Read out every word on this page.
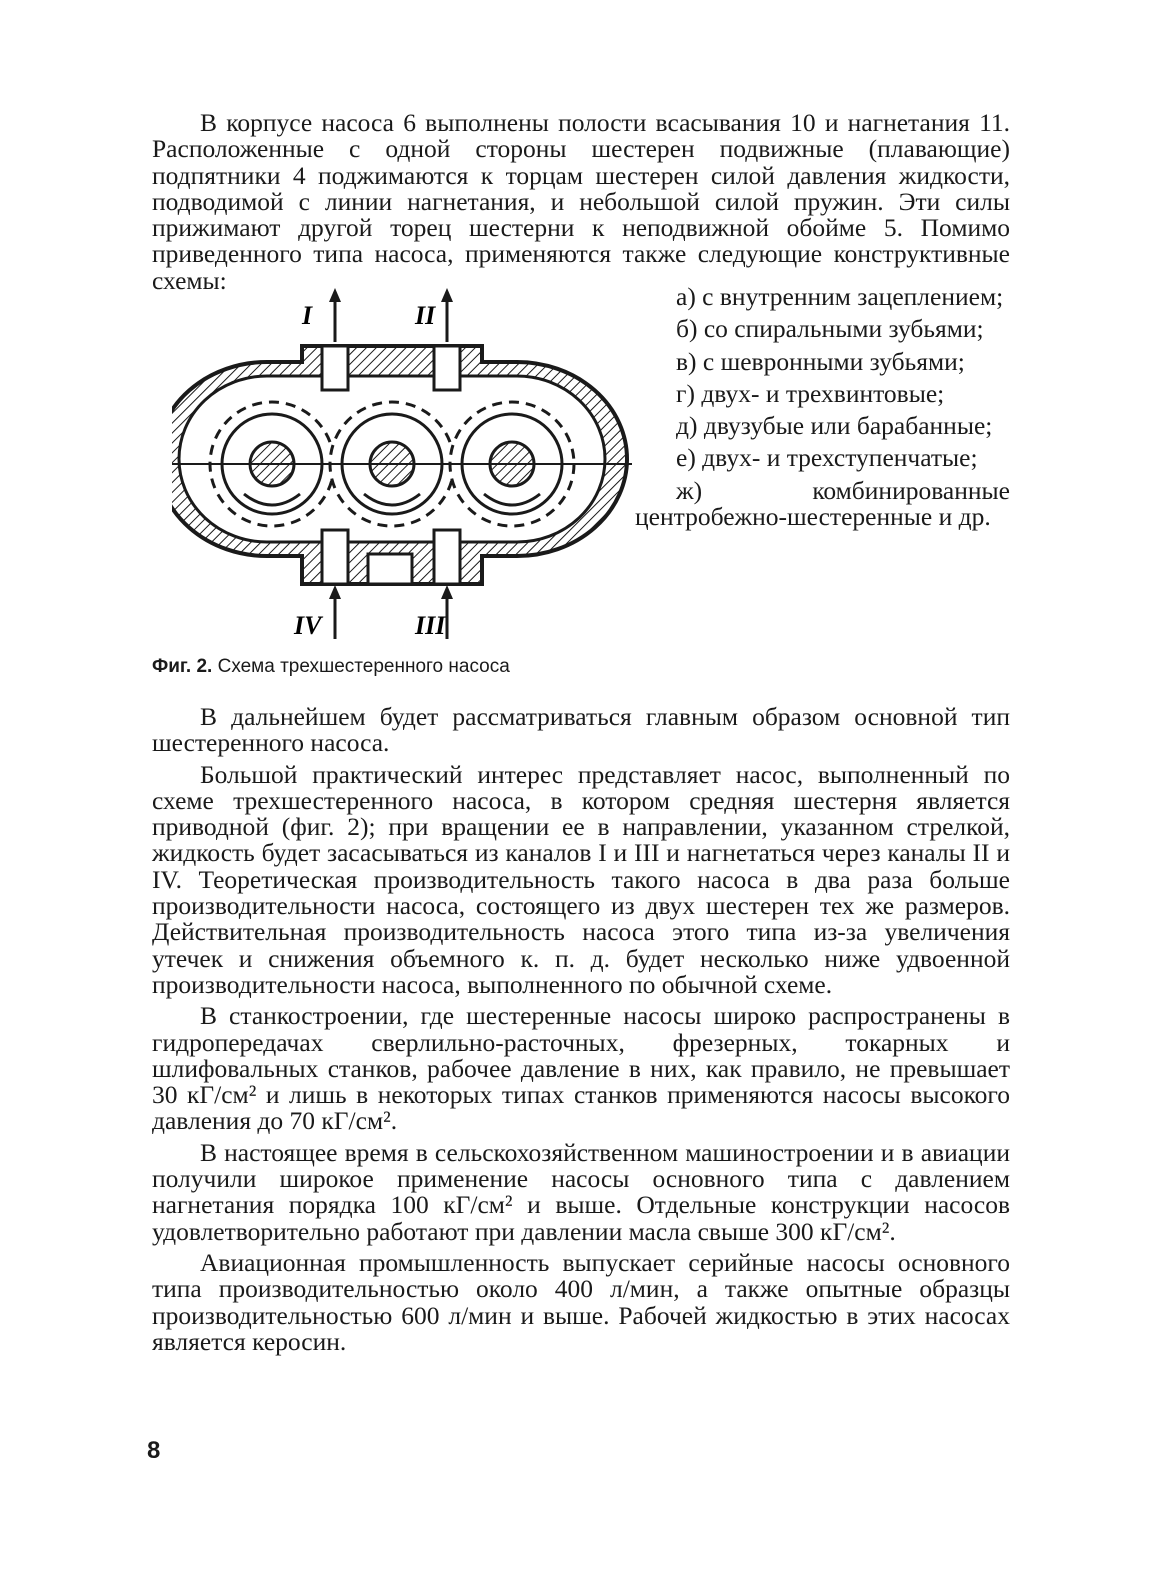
В корпусе насоса 6 выполнены полости всасывания 10 и нагнетания 11. Расположенные с одной стороны шестерен подвижные (плавающие) подпятники 4 поджимаются к торцам шестерен силой давления жидкости, подводимой с линии нагнетания, и небольшой силой пружин. Эти силы прижимают другой торец шестерни к неподвижной обойме 5. Помимо приведенного типа насоса, применяются также следующие конструктивные схемы:

I	II
III
IV
Фиг. 2. Схема трехшестеренного насоса
а) с внутренним зацеплением;
б) со спиральными зубьями;
в) с шевронными зубьями;
г) двух- и трехвинтовые;
д) двузубые или барабанные;
е) двух- и трехступенчатые;
ж) комбинированные центробежно-шестеренные и др.

В дальнейшем будет рассматриваться главным образом основной тип шестеренного насоса.

Большой практический интерес представляет насос, выполненный по схеме трехшестеренного насоса, в котором средняя шестерня является приводной (фиг. 2); при вращении ее в направлении, указанном стрелкой, жидкость будет засасываться из каналов I и III и нагнетаться через каналы II и IV. Теоретическая производительность такого насоса в два раза больше производительности насоса, состоящего из двух шестерен тех же размеров. Действительная производительность насоса этого типа из-за увеличения утечек и снижения объемного к. п. д. будет несколько ниже удвоенной производительности насоса, выполненного по обычной схеме.

В станкостроении, где шестеренные насосы широко распространены в гидропередачах сверлильно-расточных, фрезерных, токарных и шлифовальных станков, рабочее давление в них, как правило, не превышает 30 кГ/см² и лишь в некоторых типах станков применяются насосы высокого давления до 70 кГ/см².

В настоящее время в сельскохозяйственном машиностроении и в авиации получили широкое применение насосы основного типа с давлением нагнетания порядка 100 кГ/см² и выше. Отдельные конструкции насосов удовлетворительно работают при давлении масла свыше 300 кГ/см².

Авиационная промышленность выпускает серийные насосы основного типа производительностью около 400 л/мин, а также опытные образцы производительностью 600 л/мин и выше. Рабочей жидкостью в этих насосах является керосин.

8
